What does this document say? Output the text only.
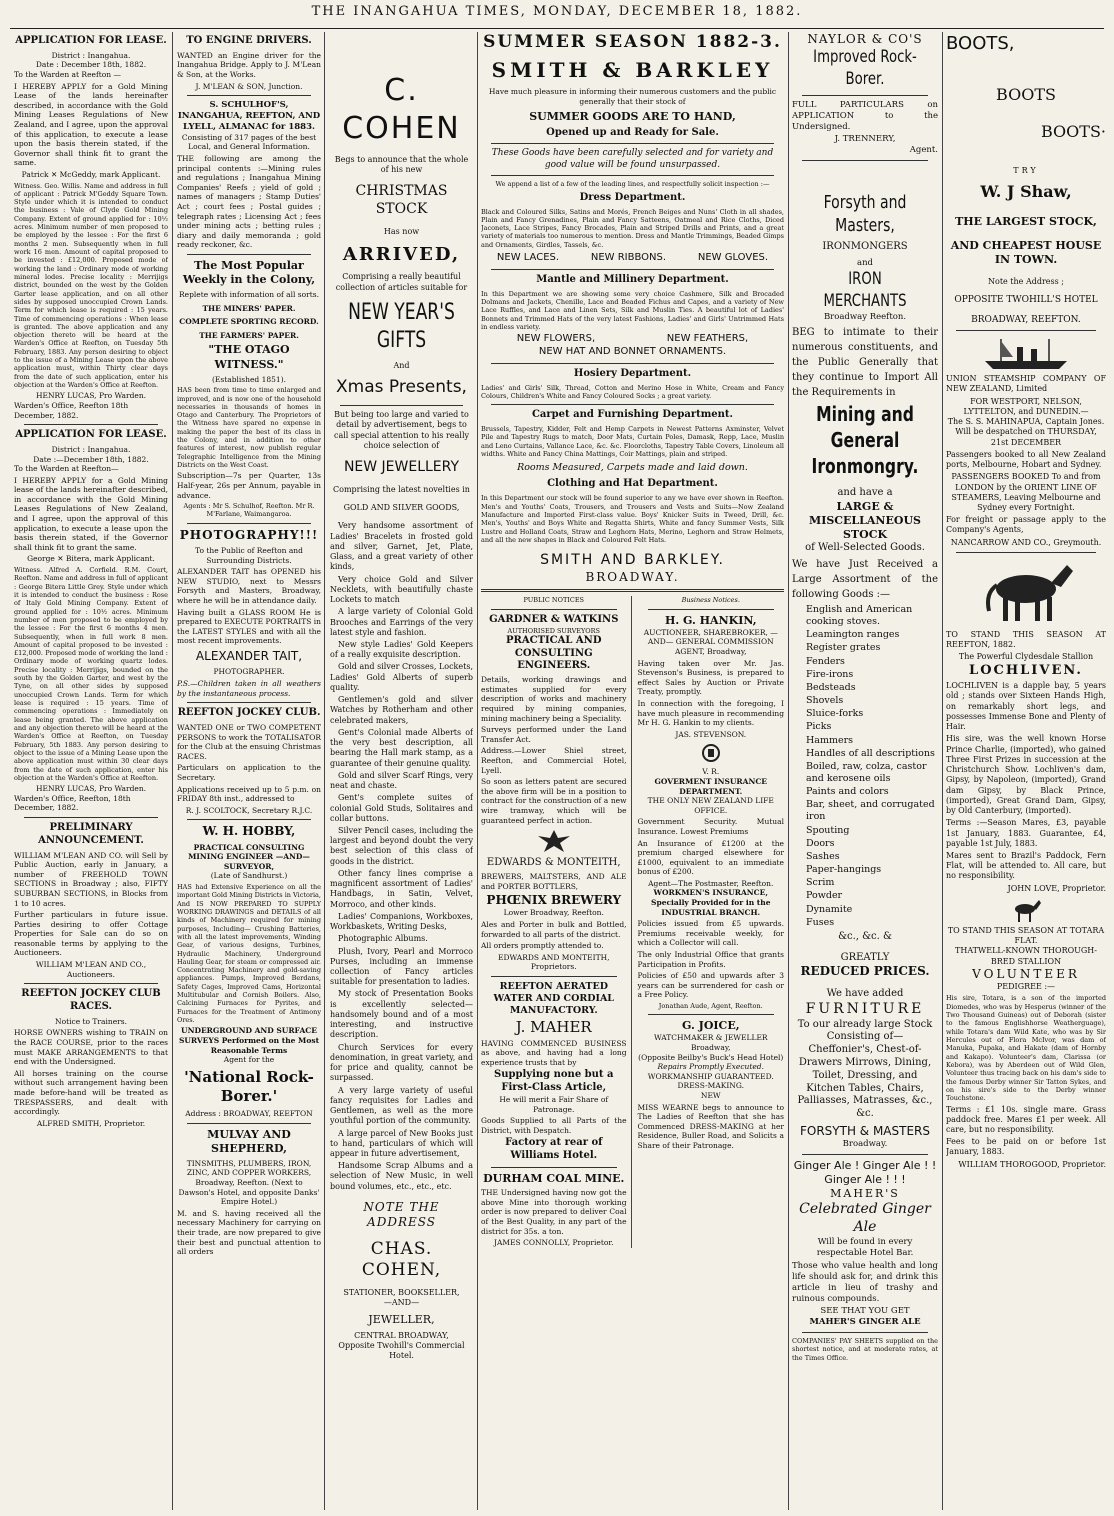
THE INANGAHUA TIMES, MONDAY, DECEMBER 18, 1882.
APPLICATION FOR LEASE.
District : Inangahua.
Date : December 18th, 1882.
To the Warden at Reefton —

I HEREBY APPLY for a Gold Mining Lease of the lands hereinafter described, in accordance with the Gold Mining Leases Regulations of New Zealand, and I agree, upon the approval of this application, to execute a lease upon the basis therein stated, if the Governor shall think fit to grant the same.

Patrick ✕ McGeddy, mark Applicant.

Witness. Geo. Willis. Name and address in full of applicant : Patrick M'Geddy Square Town. Style under which it is intended to conduct the business : Vale of Clyde Gold Mining Company. Extent of ground applied for : 10½ acres. Minimum number of men proposed to be employed by the lessee : For the first 6 months 2 men. Subsequently when in full work 16 men. Amount of capital proposed to be invested : £12,000. Proposed mode of working the land : Ordinary mode of working mineral lodes. Precise locality : Merrijigs district, bounded on the west by the Golden Garter lease application, and on all other sides by supposed unoccupied Crown Lands. Term for which lease is required : 15 years. Time of commencing operations : When lease is granted. The above application and any objection thereto will be heard at the Warden's Office at Reefton, on Tuesday 5th February, 1883. Any person desiring to object to the issue of a Mining Lease upon the above application must, within Thirty clear days from the date of such application, enter his objection at the Warden's Office at Reefton.

HENRY LUCAS, Pro Warden.
Warden's Office, Reefton 18th December, 1882.
APPLICATION FOR LEASE.
District : Inangahua.
Date :—December 18th, 1882.
To the Warden at Reefton—

I HEREBY APPLY for a Gold Mining lease of the lands hereinafter described, in accordance with the Gold Mining Leases Regulations of New Zealand, and I agree, upon the approval of this application, to execute a lease upon the basis therein stated, if the Governor shall think fit to grant the same.

George ✕ Bitera, mark Applicant.

Witness. Alfred A. Corfield. R.M. Court, Reefton. Name and address in full of applicant : George Bitera Little Grey. Style under which it is intended to conduct the business : Rose of Italy Gold Mining Company. Extent of ground applied for : 10½ acres. Minimum number of men proposed to be employed by the lessee : For the first 6 months 4 men. Subsequently, when in full work 8 men. Amount of capital proposed to be invested : £12,000. Proposed mode of working the land : Ordinary mode of working quartz lodes. Precise locality : Merrijigs, bounded on the south by the Golden Garter, and west by the Tyne, on all other sides by supposed unoccupied Crown Lands. Term for which lease is required : 15 years. Time of commencing operations : Immediately on lease being granted. The above application and any objection thereto will be heard at the Warden's Office at Reefton, on Tuesday February, 5th 1883. Any person desiring to object to the issue of a Mining Lease upon the above application must within 30 clear days from the date of such application, enter his objection at the Warden's Office at Reefton.

HENRY LUCAS, Pro Warden.
Warden's Office, Reefton, 18th December, 1882.
PRELIMINARY ANNOUNCEMENT.

WILLIAM M'LEAN AND CO. will Sell by Public Auction, early in January, a number of FREEHOLD TOWN SECTIONS in Broadway ; also, FIFTY SUBURBAN SECTIONS, in Blocks from 1 to 10 acres.

Further particulars in future issue. Parties desiring to offer Cottage Properties for Sale can do so on reasonable terms by applying to the Auctioneers.

WILLIAM M'LEAN AND CO., Auctioneers.
REEFTON JOCKEY CLUB RACES.
Notice to Trainers.

HORSE OWNERS wishing to TRAIN on the RACE COURSE, prior to the races must MAKE ARRANGEMENTS to that end with the Undersigned.

All horses training on the course without such arrangement having been made before-hand will be treated as TRESPASSERS, and dealt with accordingly.

ALFRED SMITH, Proprietor.
TO ENGINE DRIVERS.

WANTED an Engine driver for the Inangahua Bridge. Apply to J. M'Lean & Son, at the Works.

J. M'LEAN & SON, Junction.
S. SCHULHOF'S, INANGAHUA, REEFTON, AND LYELL, ALMANAC for 1883.
Consisting of 317 pages of the best Local, and General Information.

THE following are among the principal contents :—Mining rules and regulations ; Inangahua Mining Companies' Reefs ; yield of gold ; names of managers ; Stamp Duties' Act ; court fees ; Postal guides ; telegraph rates ; Licensing Act ; fees under mining acts ; betting rules ; diary and daily memoranda ; gold ready reckoner, &c.

The Most Popular Weekly in the Colony,
Replete with information of all sorts.
THE MINERS' PAPER.
COMPLETE SPORTING RECORD.
THE FARMERS' PAPER.
"THE OTAGO WITNESS."
(Established 1851).

HAS been from time to time enlarged and improved, and is now one of the household necessaries in thousands of homes in Otago and Canterbury. The Proprietors of the Witness have spared no expense in making the paper the best of its class in the Colony, and in addition to other features of interest, now publish regular Telegraphic Intelligence from the Mining Districts on the West Coast.

Subscription—7s per Quarter, 13s Half-year, 26s per Annum, payable in advance.

Agents : Mr S. Schulhof, Reefton. Mr R. M'Farlane, Waimangaroa.
PHOTOGRAPHY!!!
To the Public of Reefton and Surrounding Districts.

ALEXANDER TAIT has OPENED his NEW STUDIO, next to Messrs Forsyth and Masters, Broadway, where he will be in attendance daily.

Having built a GLASS ROOM He is prepared to EXECUTE PORTRAITS in the LATEST STYLES and with all the most recent improvements.

ALEXANDER TAIT,
PHOTOGRAPHER.

P.S.—Children taken in all weathers by the instantaneous process.

REEFTON JOCKEY CLUB.

WANTED ONE or TWO COMPETENT PERSONS to work the TOTALISATOR for the Club at the ensuing Christmas RACES.

Particulars on application to the Secretary.

Applications received up to 5 p.m. on FRIDAY 8th inst., addressed to

R. J. SCOLTOCK, Secretary R.J.C.
W. H. HOBBY,
PRACTICAL CONSULTING MINING ENGINEER —AND— SURVEYOR,
(Late of Sandhurst.)

HAS had Extensive Experience on all the important Gold Mining Districts in Victoria, And IS NOW PREPARED TO SUPPLY WORKING DRAWINGS and DETAILS of all kinds of Machinery required for mining purposes, Including— Crushing Batteries, with all the latest improvements, Winding Gear, of various designs, Turbines, Hydraulic Machinery, Underground Hauling Gear, for steam or compressed air. Concentrating Machinery and gold-saving appliances. Pumps, Improved Berdans, Safety Cages, Improved Cams, Horizontal Multitubular and Cornish Boilers. Also, Calcining Furnaces for Pyrites, and Furnaces for the Treatment of Antimony Ores.

UNDERGROUND AND SURFACE SURVEYS Performed on the Most Reasonable Terms
Agent for the
'National Rock-Borer.'
Address : BROADWAY, REEFTON
MULVAY AND SHEPHERD,
TINSMITHS, PLUMBERS, IRON, ZINC, AND COPPER WORKERS, Broadway, Reefton. (Next to Dawson's Hotel, and opposite Danks' Empire Hotel.)

M. and S. having received all the necessary Machinery for carrying on their trade, are now prepared to give their best and punctual attention to all orders

C. COHEN
Begs to announce that the whole of his new
CHRISTMAS STOCK
Has now
ARRIVED,
Comprising a really beautiful collection of articles suitable for
NEW YEAR'S GIFTS
And
Xmas Presents,

But being too large and varied to detail by advertisement, begs to call special attention to his really choice selection of

NEW JEWELLERY
Comprising the latest novelties in
GOLD AND SILVER GOODS,

Very handsome assortment of Ladies' Bracelets in frosted gold and silver, Garnet, Jet, Plate, Glass, and a great variety of other kinds,

Very choice Gold and Silver Necklets, with beautifully chaste Lockets to match

A large variety of Colonial Gold Brooches and Earrings of the very latest style and fashion.

New style Ladies' Gold Keepers of a really exquisite description.

Gold and silver Crosses, Lockets, Ladies' Gold Alberts of superb quality.

Gentlemen's gold and silver Watches by Rotherham and other celebrated makers,

Gent's Colonial made Alberts of the very best description, all bearing the Hall mark stamp, as a guarantee of their genuine quality.

Gold and silver Scarf Rings, very neat and chaste.

Gent's complete suites of colonial Gold Studs, Solitaires and collar buttons.

Silver Pencil cases, including the largest and beyond doubt the very best selection of this class of goods in the district.

Other fancy lines comprise a magnificent assortment of Ladies' Handbags, in Satin, Velvet, Morroco, and other kinds.

Ladies' Companions, Workboxes, Workbaskets, Writing Desks,

Photographic Albums.

Plush, Ivory, Pearl and Morroco Purses, including an immense collection of Fancy articles suitable for presentation to ladies.

My stock of Presentation Books is excellently selected—handsomely bound and of a most interesting, and instructive description.

Church Services for every denomination, in great variety, and for price and quality, cannot be surpassed.

A very large variety of useful fancy requisites for Ladies and Gentlemen, as well as the more youthful portion of the community.

A large parcel of New Books just to hand, particulars of which will appear in future advertisement,

Handsome Scrap Albums and a selection of New Music, in well bound volumes, etc., etc., etc.

NOTE THE ADDRESS
CHAS. COHEN,
STATIONER, BOOKSELLER,
—AND—
JEWELLER,
CENTRAL BROADWAY,
Opposite Twohill's Commercial Hotel.
SUMMER SEASON 1882-3.
SMITH & BARKLEY
Have much pleasure in informing their numerous customers and the public generally that their stock of
SUMMER GOODS ARE TO HAND,
Opened up and Ready for Sale.
These Goods have been carefully selected and for variety and good value will be found unsurpassed.
We append a list of a few of the leading lines, and respectfully solicit inspection :—
Dress Department.

Black and Coloured Silks, Satins and Morés, French Beiges and Nuns' Cloth in all shades, Plain and Fancy Grenadines, Plain and Fancy Satteens, Oatmeal and Rice Cloths, Diced Jaconets, Lace Stripes, Fancy Brocades, Plain and Striped Drills and Prints, and a great variety of materials too numerous to mention. Dress and Mantle Trimmings, Beaded Gimps and Ornaments, Girdles, Tassels, &c.

NEW LACES.	NEW RIBBONS.	NEW GLOVES.
Mantle and Millinery Department.

In this Department we are showing some very choice Cashmere, Silk and Brocaded Dolmans and Jackets, Chenille, Lace and Beaded Fichus and Capes, and a variety of New Lace Ruffles, and Lace and Linen Sets, Silk and Muslin Ties. A beautiful lot of Ladies' Bonnets and Trimmed Hats of the very latest Fashions, Ladies' and Girls' Untrimmed Hats in endless variety.

NEW FLOWERS,	NEW FEATHERS,
NEW HAT AND BONNET ORNAMENTS.
Hosiery Department.

Ladies' and Girls' Silk, Thread, Cotton and Merino Hose in White, Cream and Fancy Colours, Children's White and Fancy Coloured Socks ; a great variety.

Carpet and Furnishing Department.

Brussels, Tapestry, Kidder, Felt and Hemp Carpets in Newest Patterns Axminster, Velvet Pile and Tapestry Rugs to match, Door Mats, Curtain Poles, Damask, Repp, Lace, Muslin and Leno Curtains, Vallance Lace, &c. &c. Floorcloths, Tapestry Table Covers, Linoleum all widths. White and Fancy China Mattings, Coir Mattings, plain and striped.

Rooms Measured, Carpets made and laid down.
Clothing and Hat Department.

In this Department our stock will be found superior to any we have ever shown in Reefton. Men's and Youths' Coats, Trousers, and Trousers and Vests and Suits—Now Zealand Manufacture and Imported First-class value. Boys' Knicker Suits in Tweed, Drill, &c. Men's, Youths' and Boys White and Regatta Shirts, White and fancy Summer Vests, Silk Lustre and Holland Coats, Straw and Leghorn Hats, Merino, Leghorn and Straw Helmets, and all the new shapes in Black and Coloured Felt Hats.

SMITH AND BARKLEY.
BROADWAY.
PUBLIC NOTICES
GARDNER & WATKINS
AUTHORISED SURVEYORS
PRACTICAL AND CONSULTING ENGINEERS.

Details, working drawings and estimates supplied for every description of works and machinery required by mining companies, mining machinery being a Speciality.

Surveys performed under the Land Transfer Act.

Address.—Lower Shiel street, Reefton, and Commercial Hotel, Lyell.

So soon as letters patent are secured the above firm will be in a position to contract for the construction of a new wire tramway, which will be guaranteed perfect in action.

EDWARDS & MONTEITH,

BREWERS, MALTSTERS, AND ALE and PORTER BOTTLERS,

PHŒNIX BREWERY
Lower Broadway, Reefton.

Ales and Porter in bulk and Bottled, forwarded to all parts of the district.

All orders promptly attended to.

EDWARDS AND MONTEITH, Proprietors.
REEFTON AERATED WATER AND CORDIAL MANUFACTORY.
J. MAHER

HAVING COMMENCED BUSINESS as above, and having had a long experience trusts that by

Supplying none but a First-Class Article,
He will merit a Fair Share of Patronage.

Goods Supplied to all Parts of the District, with Despatch.

Factory at rear of Williams Hotel.
DURHAM COAL MINE.

THE Undersigned having now got the above Mine into thorough working order is now prepared to deliver Coal of the Best Quality, in any part of the district for 35s. a ton.

JAMES CONNOLLY, Proprietor.
Business Notices.
H. G. HANKIN,
AUCTIONEER, SHAREBROKER, —AND— GENERAL COMMISSION AGENT, Broadway,

Having taken over Mr. Jas. Stevenson's Business, is prepared to effect Sales by Auction or Private Treaty, promptly.

In connection with the foregoing, I have much pleasure in recommending Mr H. G. Hankin to my clients.

JAS. STEVENSON.
V. R.
GOVERMENT INSURANCE DEPARTMENT.
THE ONLY NEW ZEALAND LIFE OFFICE.

Government Security. Mutual Insurance. Lowest Premiums

An Insurance of £1200 at the premium charged elsewhere for £1000, equivalent to an immediate bonus of £200.

Agent—The Postmaster, Reefton.
WORKMEN'S INSURANCE, Specially Provided for in the INDUSTRIAL BRANCH.

Policies issued from £5 upwards. Premiums receivable weekly, for which a Collector will call.

The only Industrial Office that grants Participation in Profits.

Policies of £50 and upwards after 3 years can be surrendered for cash or a Free Policy.

Jonathan Aude, Agent, Reefton.
G. JOICE,
WATCHMAKER & JEWELLER Broadway,
(Opposite Beilby's Buck's Head Hotel)
Repairs Promptly Executed.
WORKMANSHIP GUARANTEED.
DRESS-MAKING.
NEW

MISS WEARNE begs to announce to The Ladies of Reefton that she has Commenced DRESS-MAKING at her Residence, Buller Road, and Solicits a Share of their Patronage.

NAYLOR & CO'S
Improved Rock-Borer.

FULL PARTICULARS on APPLICATION to the Undersigned.

J. TRENNERY,
Agent.
Forsyth and Masters,
IRONMONGERS
and
IRON MERCHANTS
Broadway Reefton.

BEG to intimate to their numerous constituents, and the Public Generally that they continue to Import All the Requirements in

Mining and General Ironmongry.
and have a
LARGE & MISCELLANEOUS STOCK
of Well-Selected Goods.

We have Just Received a Large Assortment of the following Goods :—

English and American cooking stoves.
Leamington ranges
Register grates
Fenders
Fire-irons
Bedsteads
Shovels
Sluice-forks
Picks
Hammers
Handles of all descriptions
Boiled, raw, colza, castor and kerosene oils
Paints and colors
Bar, sheet, and corrugated iron
Spouting
Doors
Sashes
Paper-hangings
Scrim
Powder
Dynamite
Fuses
&c., &c. &
GREATLY
REDUCED PRICES.
We have added
FURNITURE
To our already large Stock Consisting of—
Cheffonier's, Chest-of-Drawers Mirrows, Dining, Toilet, Dressing, and Kitchen Tables, Chairs, Palliasses, Matrasses, &c., &c.
FORSYTH & MASTERS
Broadway.
Ginger Ale ! Ginger Ale ! ! Ginger Ale ! ! !
MAHER'S
Celebrated Ginger Ale
Will be found in every respectable Hotel Bar.

Those who value health and long life should ask for, and drink this article in lieu of trashy and ruinous compounds.

SEE THAT YOU GET
MAHER'S GINGER ALE

COMPANIES' PAY SHEETS supplied on the shortest notice, and at moderate rates, at the Times Office.

BOOTS,
BOOTS
BOOTS·
TRY
W. J Shaw,
THE LARGEST STOCK,
AND CHEAPEST HOUSE IN TOWN.
Note the Address ;
OPPOSITE TWOHILL'S HOTEL
BROADWAY, REEFTON.

UNION STEAMSHIP COMPANY OF NEW ZEALAND, Limited

FOR WESTPORT, NELSON, LYTTELTON, and DUNEDIN.—
The S. S. MAHINAPUA, Captain Jones.
Will be despatched on THURSDAY, 21st DECEMBER

Passengers booked to all New Zealand ports, Melbourne, Hobart and Sydney.

PASSENGERS BOOKED To and from LONDON by the ORIENT LINE OF STEAMERS, Leaving Melbourne and Sydney every Fortnight.

For freight or passage apply to the Company's Agents,

NANCARROW AND CO., Greymouth.

TO STAND THIS SEASON AT REEFTON, 1882.

The Powerful Clydesdale Stallion
LOCHLIVEN.

LOCHLIVEN is a dapple bay, 5 years old ; stands over Sixteen Hands High, on remarkably short legs, and possesses Immense Bone and Plenty of Hair.

His sire, was the well known Horse Prince Charlie, (imported), who gained Three First Prizes in succession at the Christchurch Show. Lochliven's dam, Gipsy, by Napoleon, (imported), Grand dam Gipsy, by Black Prince, (imported), Great Grand Dam, Gipsy, by Old Canterbury, (imported).

Terms :—Season Mares, £3, payable 1st January, 1883. Guarantee, £4, payable 1st July, 1883.

Mares sent to Brazil's Paddock, Fern Flat, will be attended to. All care, but no responsibility.

JOHN LOVE, Proprietor.
TO STAND THIS SEASON AT TOTARA FLAT.
THATWELL-KNOWN THOROUGH-BRED STALLION
VOLUNTEER
PEDIGREE :—

His sire, Totara, is a son of the imported Diomedes, who was by Hesperus (winner of the Two Thousand Guineas) out of Deborah (sister to the famous Englishhorse Weatherguage), while Totara's dam Wild Kate, who was by Sir Hercules out of Flora McIvor, was dam of Manuka, Pupaka, and Hakate (dam of Hornby and Kakapo). Volunteer's dam, Clarissa (or Kebora), was by Aberdeen out of Wild Glen, Volunteer thus tracing back on his dam's side to the famous Derby winner Sir Tatton Sykes, and on his sire's side to the Derby winner Touchstone.

Terms : £1 10s. single mare. Grass paddock free. Mares £1 per week. All care, but no responsibility.

Fees to be paid on or before 1st January, 1883.

WILLIAM THOROGOOD, Proprietor.
